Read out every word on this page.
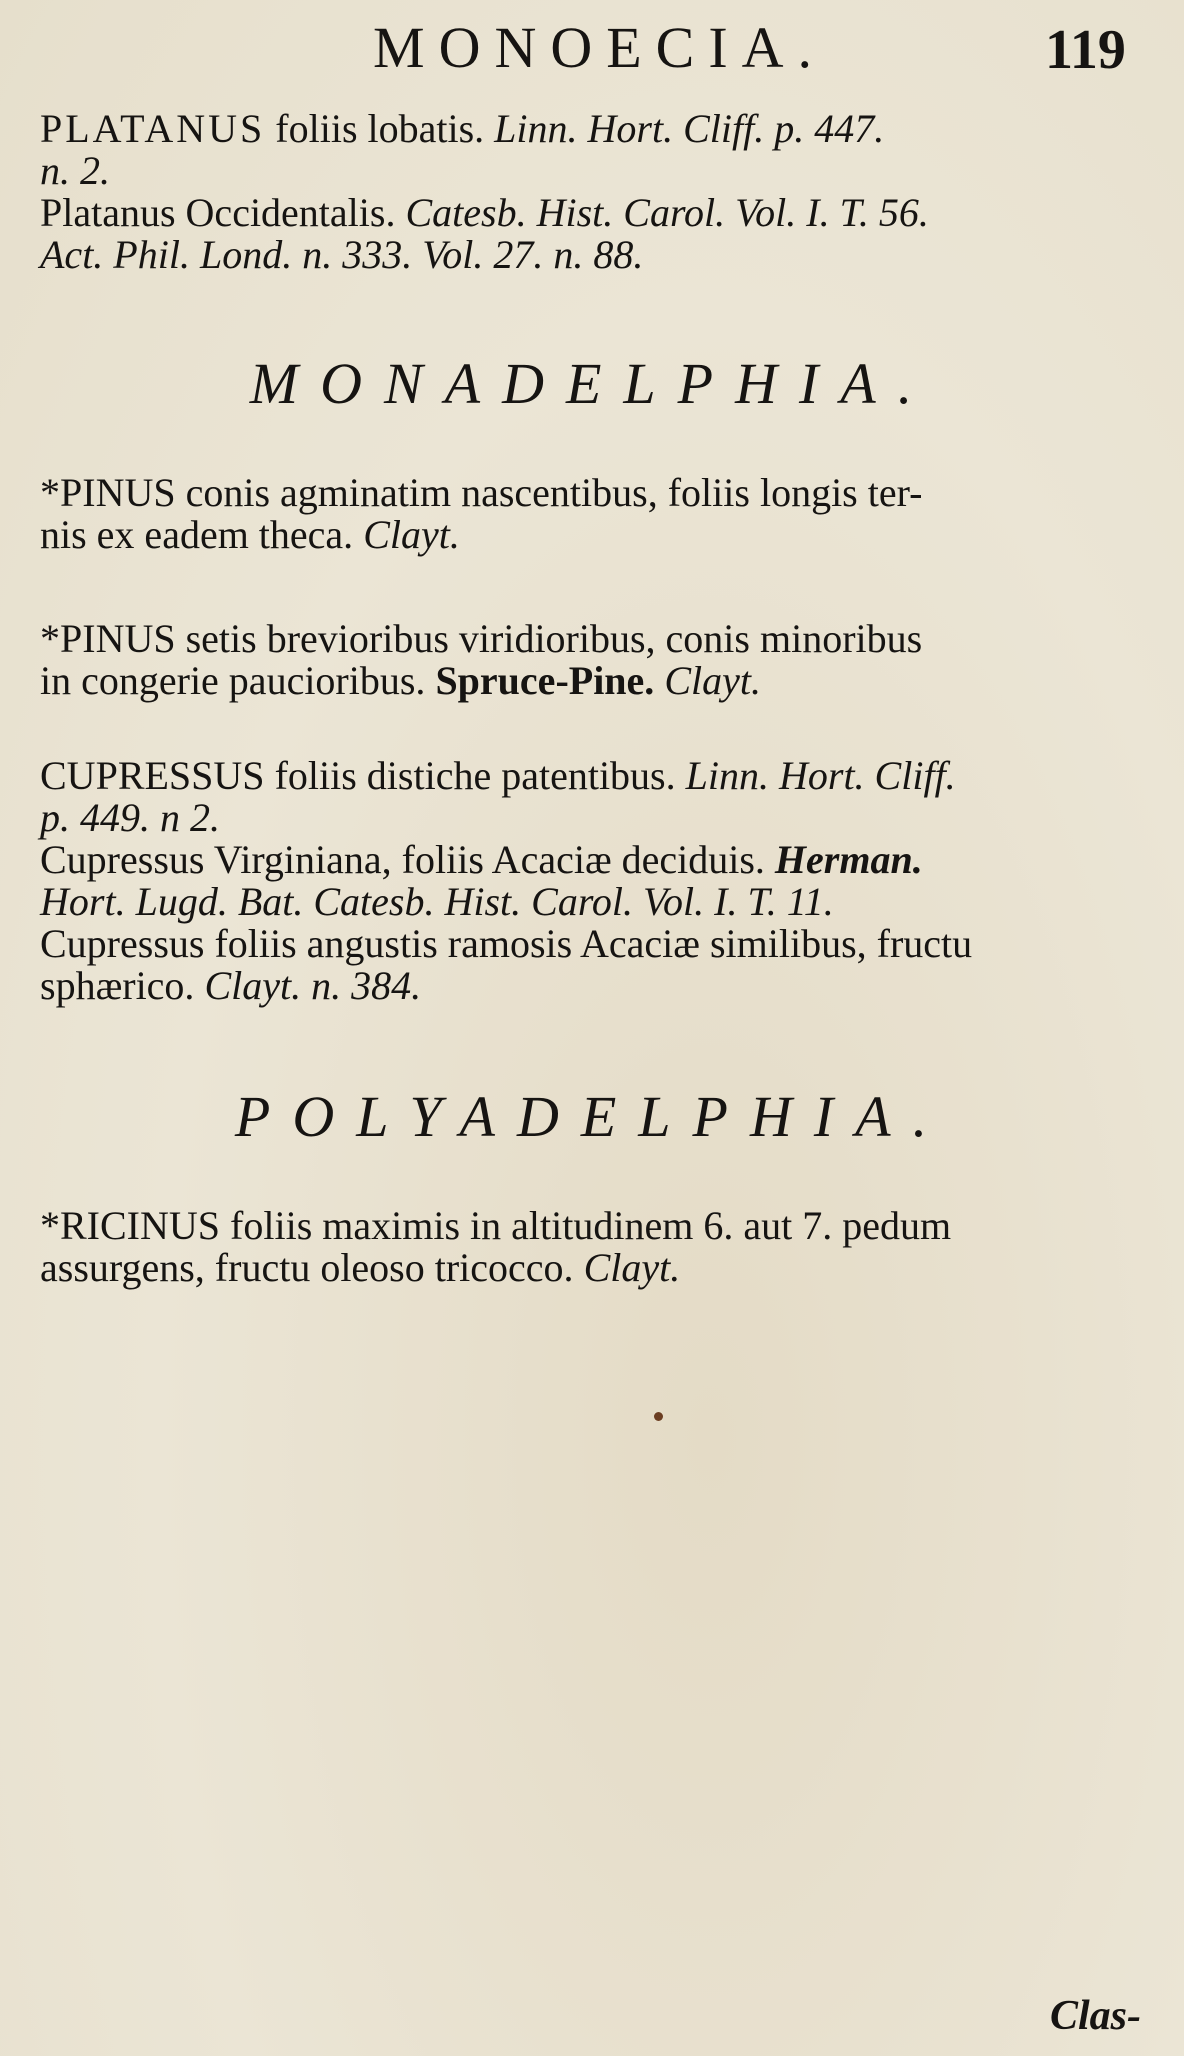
MONOECIA.	119
PLATANUS foliis lobatis. Linn. Hort. Cliff. p. 447.
n. 2.
Platanus Occidentalis. Catesb. Hist. Carol. Vol. I. T. 56.
Act. Phil. Lond. n. 333. Vol. 27. n. 88.
MONADELPHIA.
*PINUS conis agminatim nascentibus, foliis longis ter-
nis ex eadem theca. Clayt.
*PINUS setis brevioribus viridioribus, conis minoribus
in congerie paucioribus. Spruce-Pine. Clayt.
CUPRESSUS foliis distiche patentibus. Linn. Hort. Cliff.
p. 449. n 2.
Cupressus Virginiana, foliis Acaciæ deciduis. Herman.
Hort. Lugd. Bat. Catesb. Hist. Carol. Vol. I. T. 11.
Cupressus foliis angustis ramosis Acaciæ similibus, fructu
sphærico. Clayt. n. 384.
POLYADELPHIA.
*RICINUS foliis maximis in altitudinem 6. aut 7. pedum
assurgens, fructu oleoso tricocco. Clayt.
Clas-
